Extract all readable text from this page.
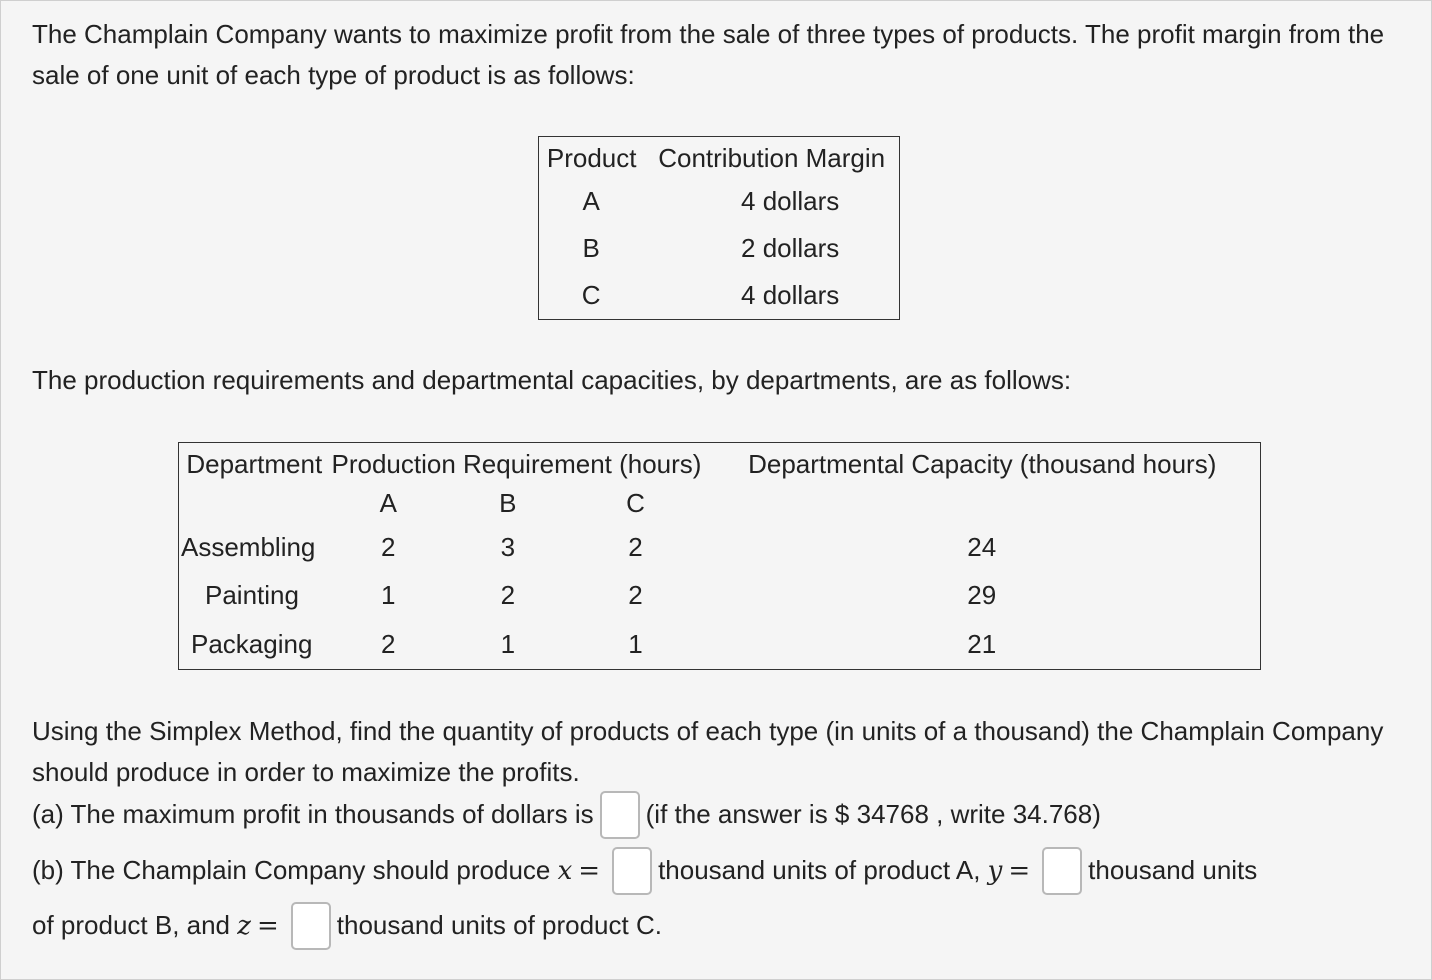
The Champlain Company wants to maximize profit from the sale of three types of products. The profit margin from the sale of one unit of each type of product is as follows:

Product	Contribution Margin
A	4 dollars
B	2 dollars
C	4 dollars

The production requirements and departmental capacities, by departments, are as follows:

Department	Production Requirement (hours)			Departmental Capacity (thousand hours)
	A	B	C	
Assembling	2	3	2	24
Painting	1	2	2	29
Packaging	2	1	1	21

Using the Simplex Method, find the quantity of products of each type (in units of a thousand) the Champlain Company should produce in order to maximize the profits.

(a) The maximum profit in thousands of dollars is (if the answer is $ 34768 , write 34.768)
(b) The Champlain Company should produce x = thousand units of product A, y = thousand units
of product B, and z = thousand units of product C.
